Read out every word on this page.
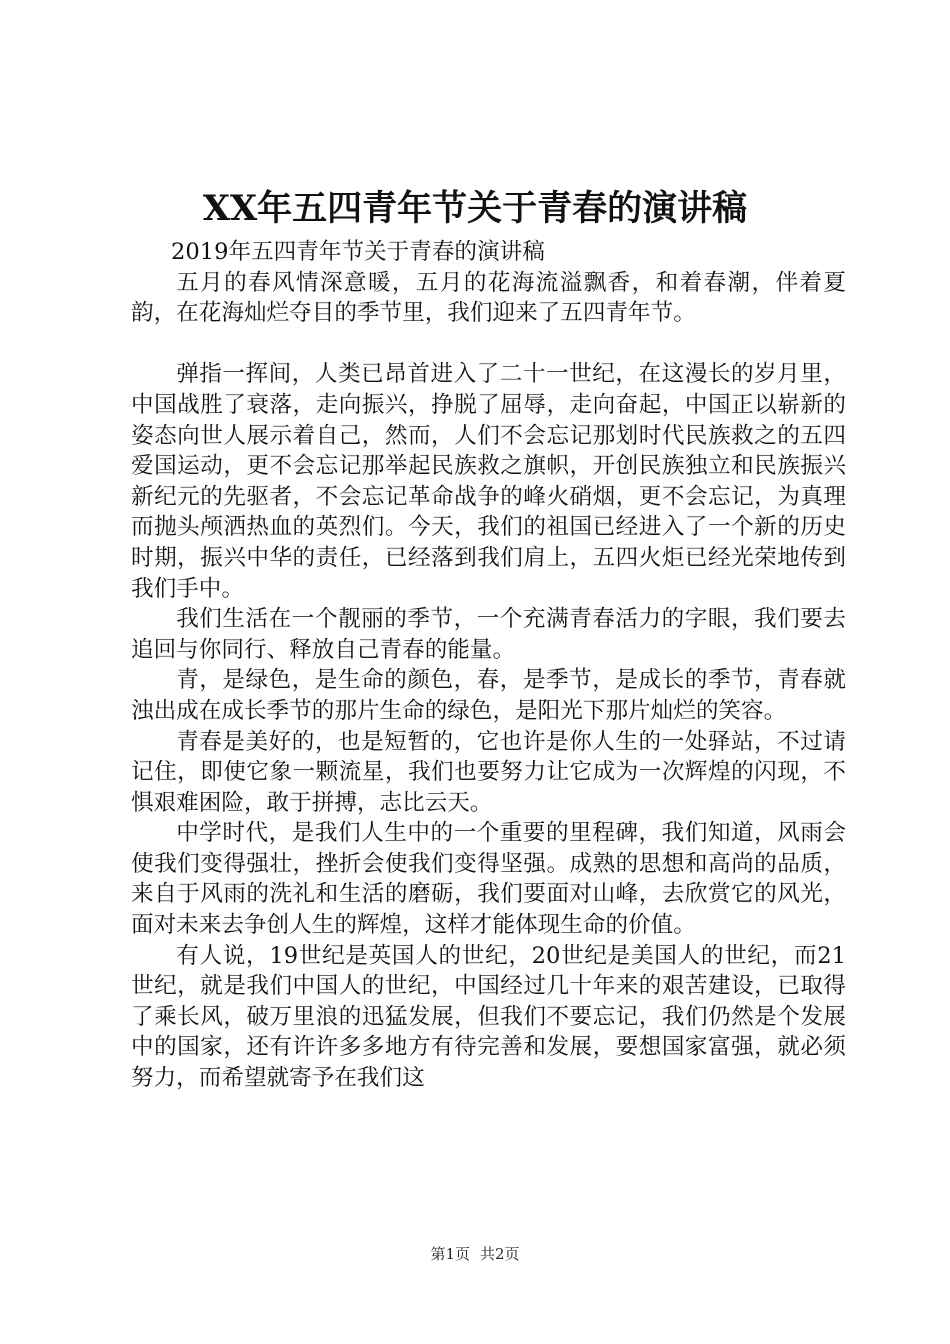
XX年五四青年节关于青春的演讲稿

2019年五四青年节关于青春的演讲稿

五月的春风情深意暖，五月的花海流溢飘香，和着春潮，伴着夏韵，在花海灿烂夺目的季节里，我们迎来了五四青年节。

弹指一挥间，人类已昂首进入了二十一世纪，在这漫长的岁月里，中国战胜了衰落，走向振兴，挣脱了屈辱，走向奋起，中国正以崭新的姿态向世人展示着自己，然而，人们不会忘记那划时代民族救之的五四爱国运动，更不会忘记那举起民族救之旗帜，开创民族独立和民族振兴新纪元的先驱者，不会忘记革命战争的峰火硝烟，更不会忘记，为真理而抛头颅洒热血的英烈们。今天，我们的祖国已经进入了一个新的历史时期，振兴中华的责任，已经落到我们肩上，五四火炬已经光荣地传到我们手中。

我们生活在一个靓丽的季节，一个充满青春活力的字眼，我们要去追回与你同行、释放自己青春的能量。

青，是绿色，是生命的颜色，春，是季节，是成长的季节，青春就浊出成在成长季节的那片生命的绿色，是阳光下那片灿烂的笑容。

青春是美好的，也是短暂的，它也许是你人生的一处驿站，不过请记住，即使它象一颗流星，我们也要努力让它成为一次辉煌的闪现，不惧艰难困险，敢于拼搏，志比云天。

中学时代，是我们人生中的一个重要的里程碑，我们知道，风雨会使我们变得强壮，挫折会使我们变得坚强。成熟的思想和高尚的品质，来自于风雨的洗礼和生活的磨砺，我们要面对山峰，去欣赏它的风光，面对未来去争创人生的辉煌，这样才能体现生命的价值。

有人说，19世纪是英国人的世纪，20世纪是美国人的世纪，而21世纪，就是我们中国人的世纪，中国经过几十年来的艰苦建设，已取得了乘长风，破万里浪的迅猛发展，但我们不要忘记，我们仍然是个发展中的国家，还有许许多多地方有待完善和发展，要想国家富强，就必须努力，而希望就寄予在我们这

第1页 共2页
